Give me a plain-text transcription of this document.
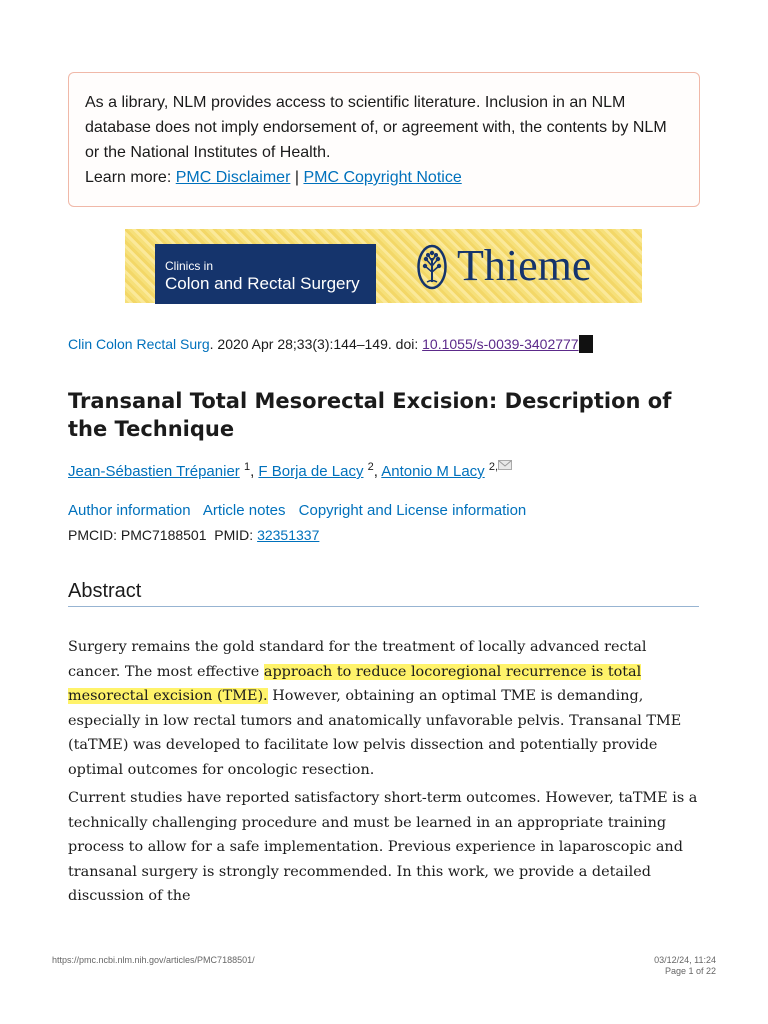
As a library, NLM provides access to scientific literature. Inclusion in an NLM database does not imply endorsement of, or agreement with, the contents by NLM or the National Institutes of Health.
Learn more: PMC Disclaimer | PMC Copyright Notice
Clinics in
Colon and Rectal Surgery	Thieme
Clin Colon Rectal Surg. 2020 Apr 28;33(3):144–149. doi: 10.1055/s-0039-3402777
Transanal Total Mesorectal Excision: Description of the Technique
Jean-Sébastien Trépanier $^1$, F Borja de Lacy $^2$, Antonio M Lacy $^{2,}$
Author information Article notes Copyright and License information
PMCID: PMC7188501 PMID: 32351337
Abstract

Surgery remains the gold standard for the treatment of locally advanced rectal cancer. The most effective approach to reduce locoregional recurrence is total mesorectal excision (TME). However, obtaining an optimal TME is demanding, especially in low rectal tumors and anatomically unfavorable pelvis. Transanal TME (taTME) was developed to facilitate low pelvis dissection and potentially provide optimal outcomes for oncologic resection.

Current studies have reported satisfactory short-term outcomes. However, taTME is a technically challenging procedure and must be learned in an appropriate training process to allow for a safe implementation. Previous experience in laparoscopic and transanal surgery is strongly recommended. In this work, we provide a detailed discussion of the

https://pmc.ncbi.nlm.nih.gov/articles/PMC7188501/	03/12/24, 11:24
Page 1 of 22
